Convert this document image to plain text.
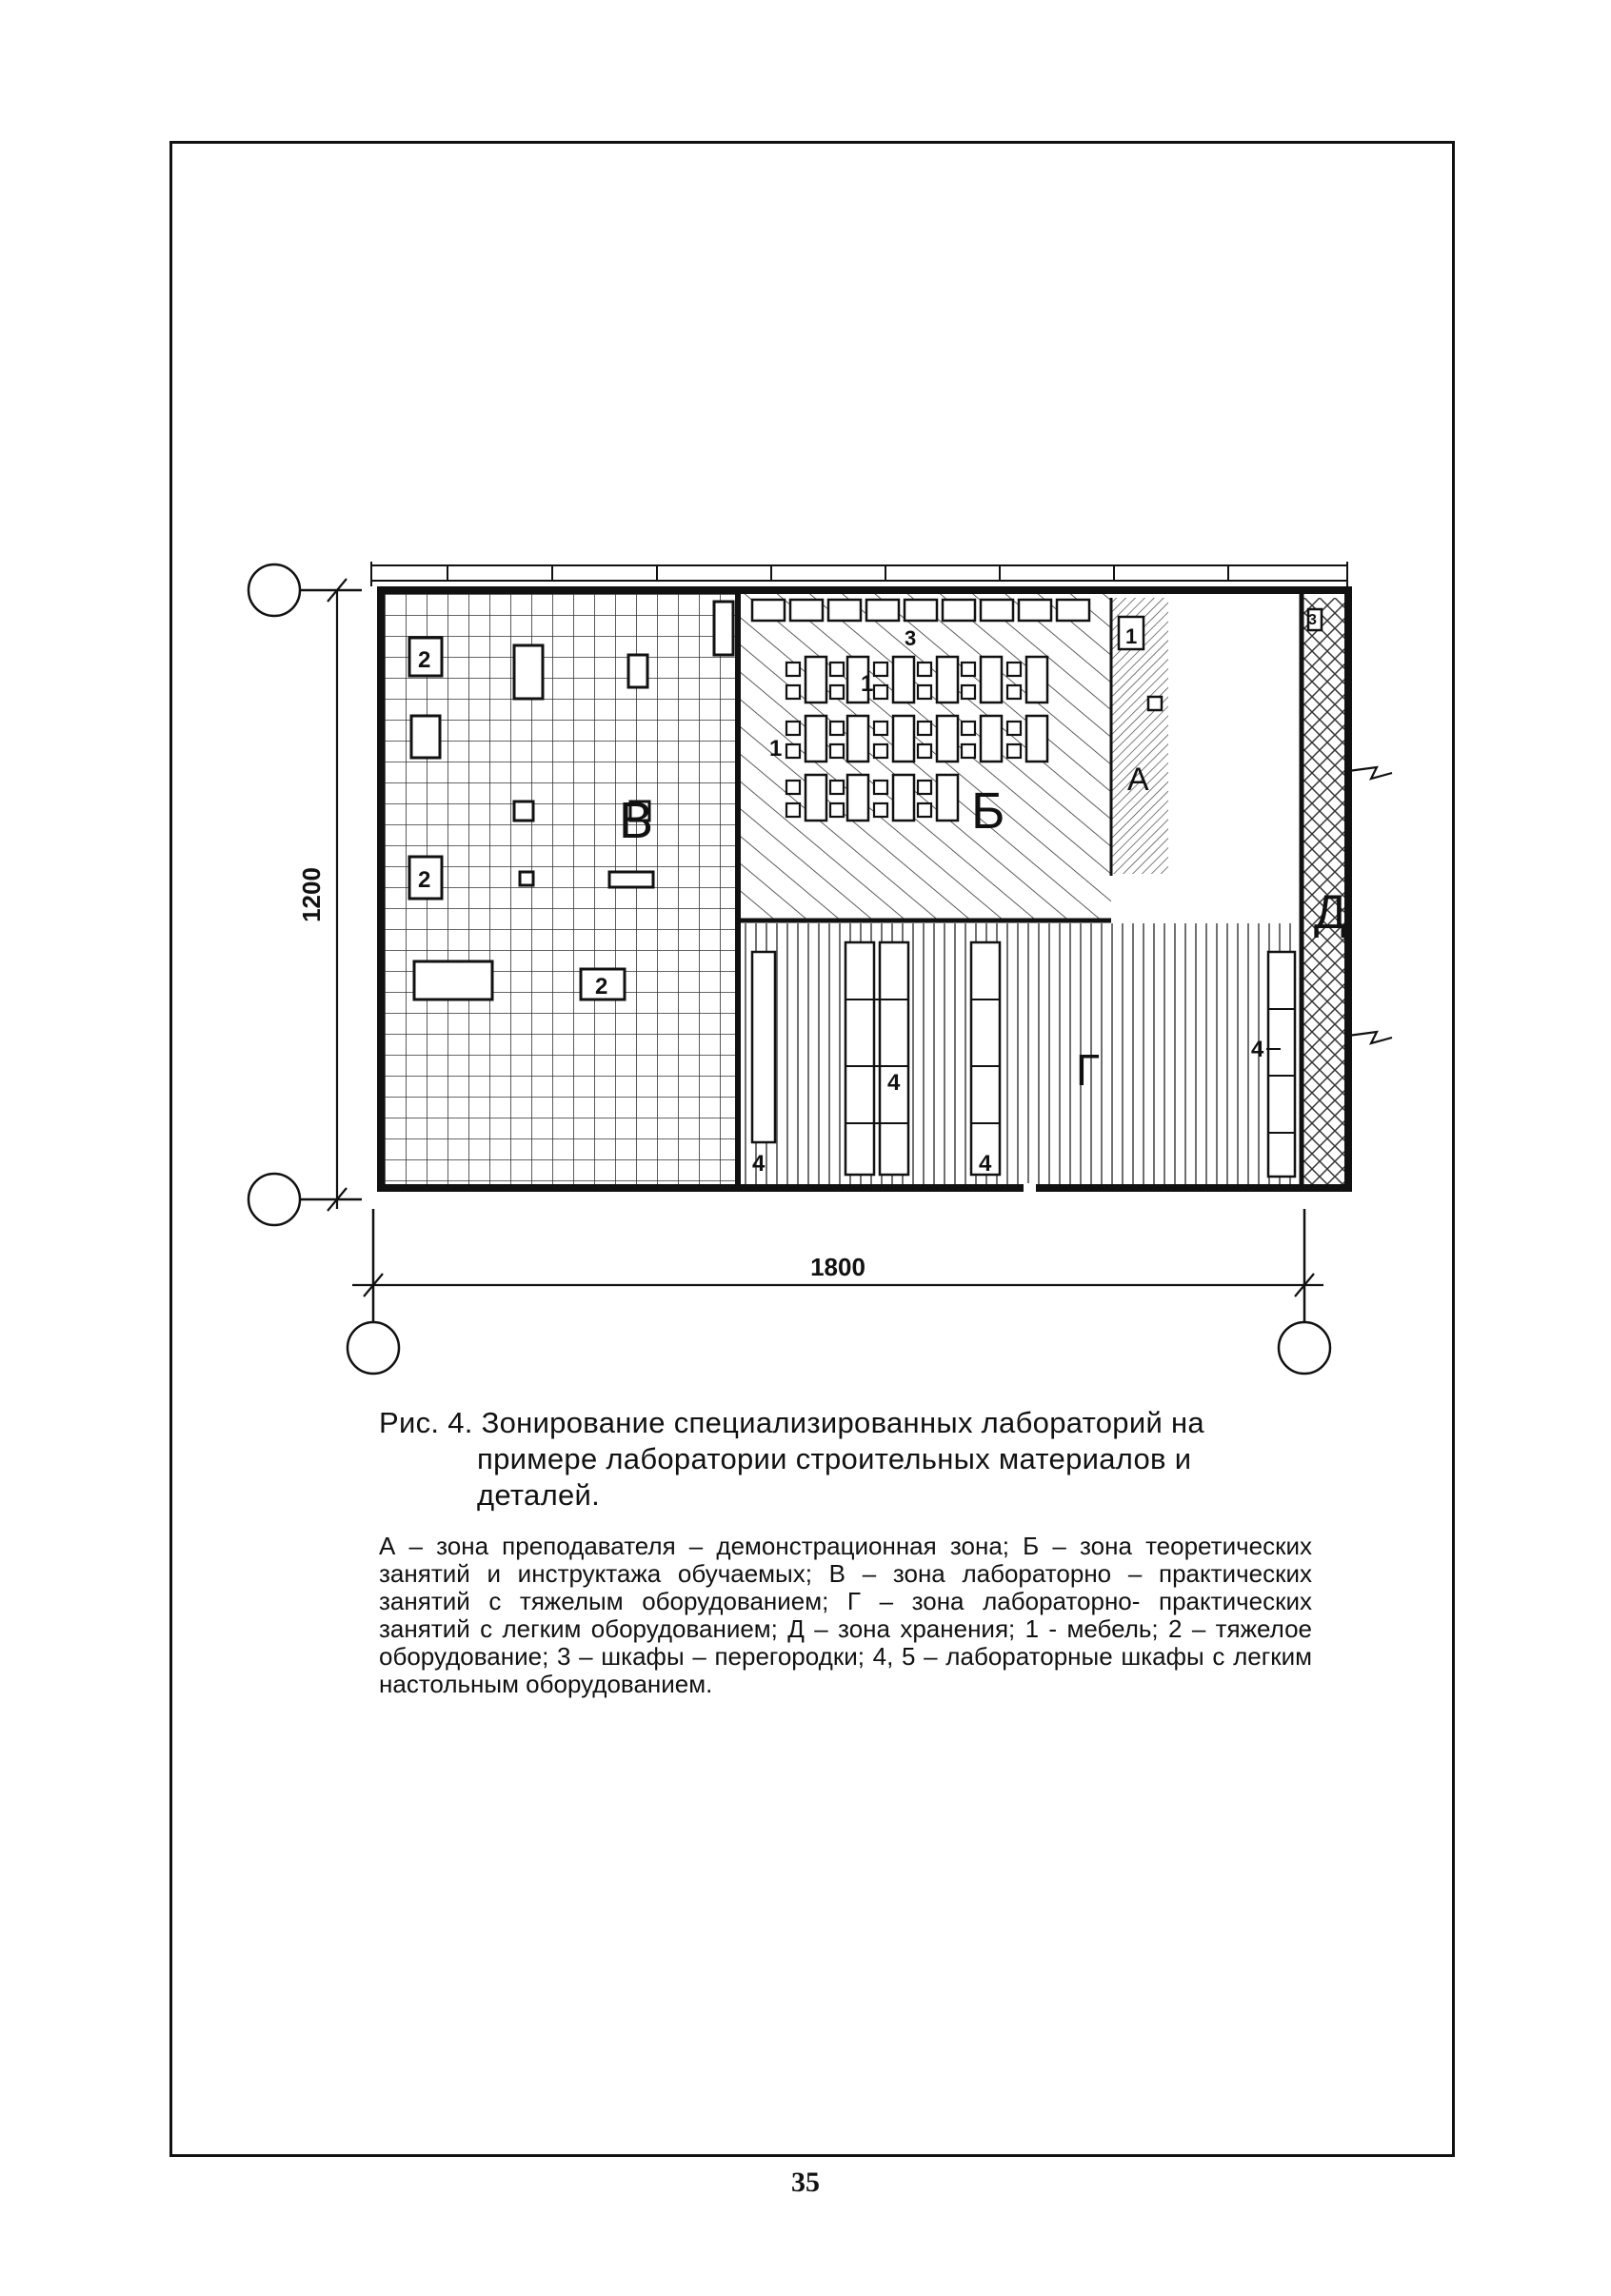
1800
1200
2
2
2
1
3
4
4
4
4
3
1
1
В	Б
А
Г
Д
Рис. 4. Зонирование специализированных лабораторий на
примере лаборатории строительных материалов и деталей.
А – зона преподавателя – демонстрационная зона; Б – зона теоретических занятий и инструктажа обучаемых; В – зона лабораторно – практических занятий с тяжелым оборудованием; Г – зона лабораторно- практических занятий с легким оборудованием; Д – зона хранения; 1 - мебель; 2 – тяжелое оборудование; 3 – шкафы – перегородки; 4, 5 – лабораторные шкафы с легким настольным оборудованием.
35
